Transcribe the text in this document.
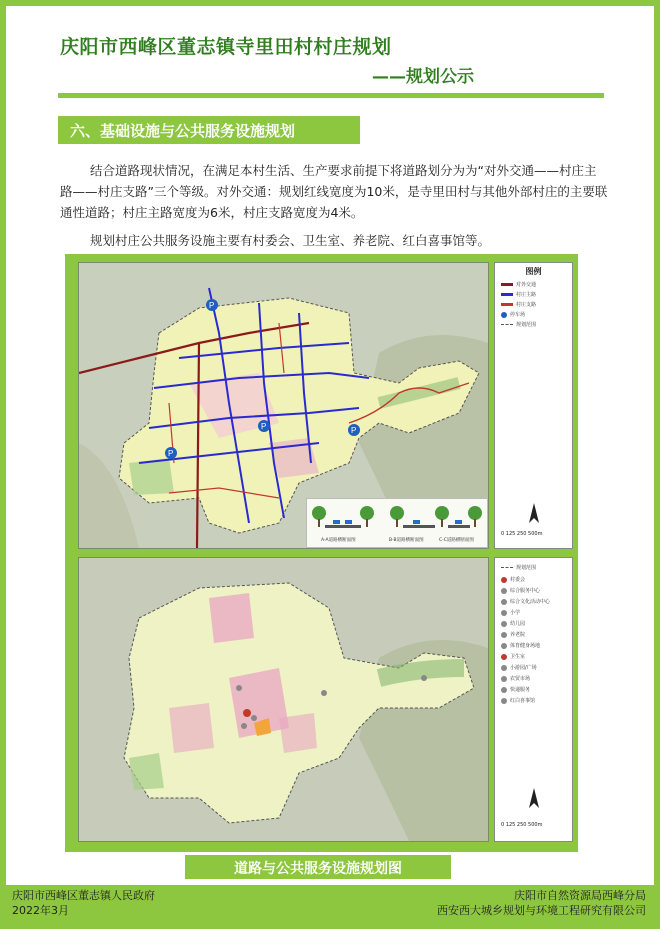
庆阳市西峰区董志镇寺里田村村庄规划
——规划公示
六、基础设施与公共服务设施规划
结合道路现状情况，在满足本村生活、生产要求前提下将道路划分为为“对外交通——村庄主路——村庄支路”三个等级。对外交通：规划红线宽度为10米，是寺里田村与其他外部村庄的主要联通性道路；村庄主路宽度为6米，村庄支路宽度为4米。
规划村庄公共服务设施主要有村委会、卫生室、养老院、红白喜事馆等。
P
P
P
P
A-A道路横断面图	B-B道路横断面图	C-C道路横断面图
图例
对外交通
村庄主路
村庄支路
停车场
规划范围
0 125 250 500m
规划范围
村委会
综合服务中心
综合文化活动中心
小学
幼儿园
养老院
体育健身场地
卫生室
小游园/广场
农贸市场
快递服务
红白喜事馆
0 125 250 500m
道路与公共服务设施规划图
庆阳市西峰区董志镇人民政府
2022年3月
庆阳市自然资源局西峰分局
西安西大城乡规划与环境工程研究有限公司
